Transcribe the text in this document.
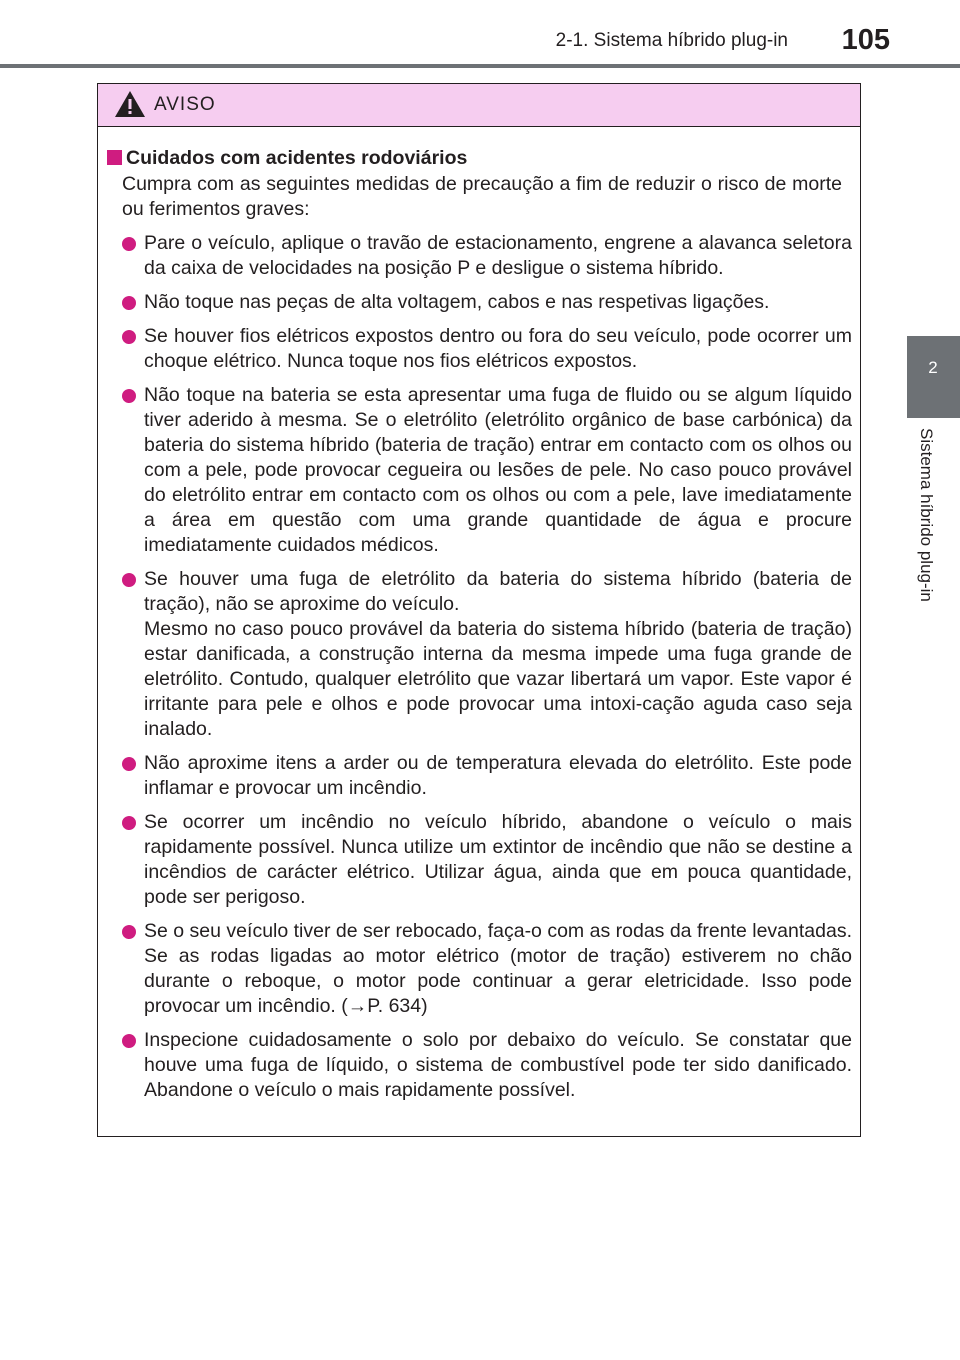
2-1. Sistema híbrido plug-in	105
2
Sistema híbrido plug-in
AVISO
Cuidados com acidentes rodoviários
Cumpra com as seguintes medidas de precaução a fim de reduzir o risco de morte ou ferimentos graves:
Pare o veículo, aplique o travão de estacionamento, engrene a alavanca seletora da caixa de velocidades na posição P e desligue o sistema híbrido.
Não toque nas peças de alta voltagem, cabos e nas respetivas ligações.
Se houver fios elétricos expostos dentro ou fora do seu veículo, pode ocorrer um choque elétrico. Nunca toque nos fios elétricos expostos.
Não toque na bateria se esta apresentar uma fuga de fluido ou se algum líquido tiver aderido à mesma. Se o eletrólito (eletrólito orgânico de base carbónica) da bateria do sistema híbrido (bateria de tração) entrar em contacto com os olhos ou com a pele, pode provocar cegueira ou lesões de pele. No caso pouco provável do eletrólito entrar em contacto com os olhos ou com a pele, lave imediatamente a área em questão com uma grande quantidade de água e procure imediatamente cuidados médicos.
Se houver uma fuga de eletrólito da bateria do sistema híbrido (bateria de tração), não se aproxime do veículo.
Mesmo no caso pouco provável da bateria do sistema híbrido (bateria de tração) estar danificada, a construção interna da mesma impede uma fuga grande de eletrólito. Contudo, qualquer eletrólito que vazar libertará um vapor. Este vapor é irritante para pele e olhos e pode provocar uma intoxi-cação aguda caso seja inalado.
Não aproxime itens a arder ou de temperatura elevada do eletrólito. Este pode inflamar e provocar um incêndio.
Se ocorrer um incêndio no veículo híbrido, abandone o veículo o mais rapidamente possível. Nunca utilize um extintor de incêndio que não se destine a incêndios de carácter elétrico. Utilizar água, ainda que em pouca quantidade, pode ser perigoso.
Se o seu veículo tiver de ser rebocado, faça-o com as rodas da frente levantadas. Se as rodas ligadas ao motor elétrico (motor de tração) estiverem no chão durante o reboque, o motor pode continuar a gerar eletricidade. Isso pode provocar um incêndio. (→P. 634)
Inspecione cuidadosamente o solo por debaixo do veículo. Se constatar que houve uma fuga de líquido, o sistema de combustível pode ter sido danificado. Abandone o veículo o mais rapidamente possível.
